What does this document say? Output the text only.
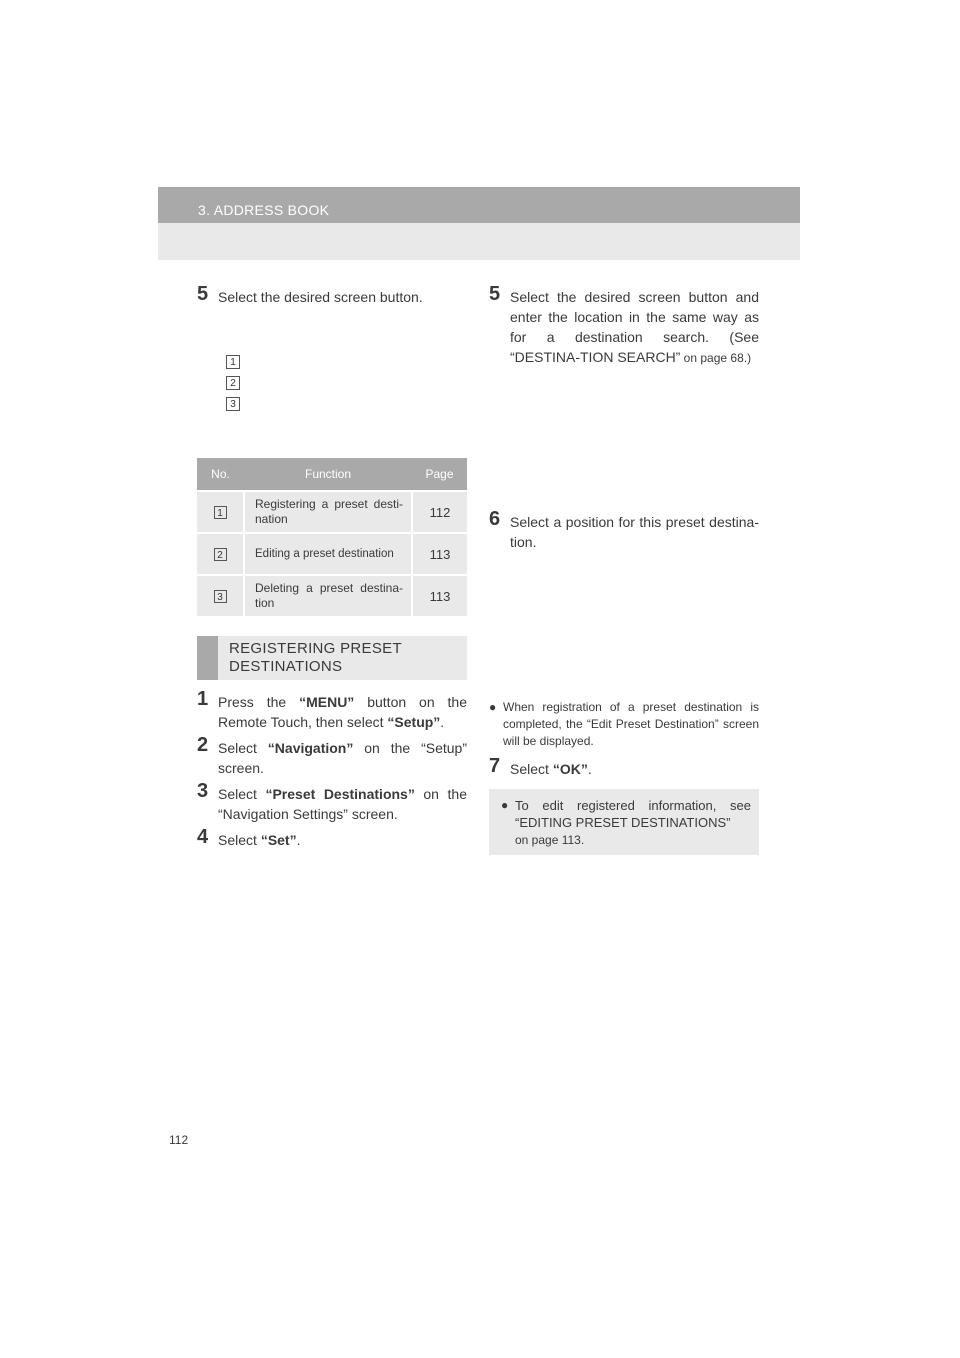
3. ADDRESS BOOK
5 Select the desired screen button.
1
2
3
No.	Function	Page
1	Registering a preset desti-nation	112
2	Editing a preset destination	113
3	Deleting a preset destina-tion	113
REGISTERING PRESET
DESTINATIONS
1 Press the “MENU” button on the Remote Touch, then select “Setup”.
2 Select “Navigation” on the “Setup” screen.
3 Select “Preset Destinations” on the “Navigation Settings” screen.
4 Select “Set”.
5 Select the desired screen button and enter the location in the same way as for a destination search. (See “DESTINA-TION SEARCH” on page 68.)
6 Select a position for this preset destina-tion.
● When registration of a preset destination is completed, the “Edit Preset Destination” screen will be displayed.
7 Select “OK”.
● To edit registered information, see “EDITING PRESET DESTINATIONS”
on page 113.
112
